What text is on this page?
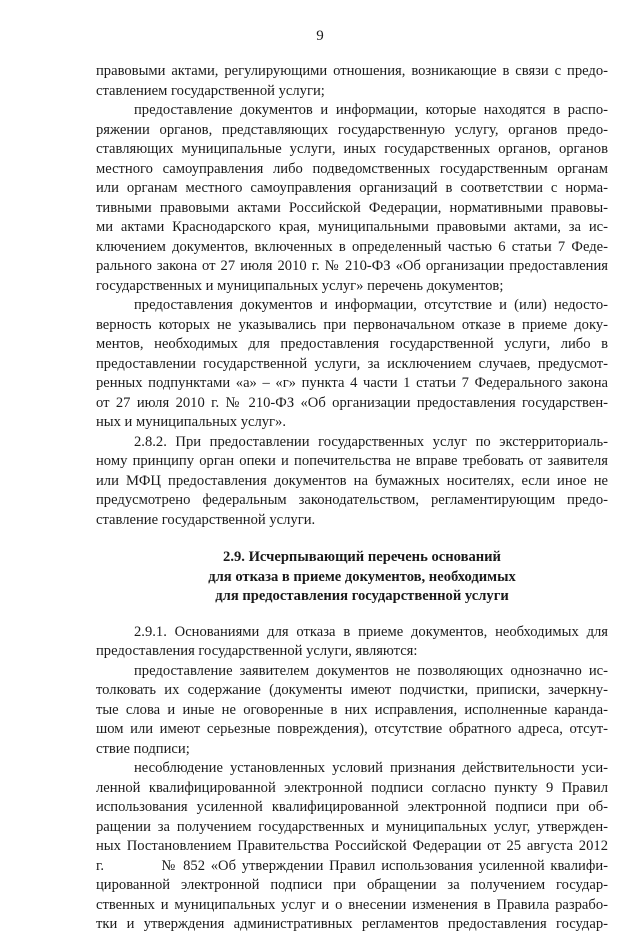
9
правовыми актами, регулирующими отношения, возникающие в связи с предо-
ставлением государственной услуги;
предоставление документов и информации, которые находятся в распо-
ряжении органов, представляющих государственную услугу, органов предо-
ставляющих муниципальные услуги, иных государственных органов, органов
местного самоуправления либо подведомственных государственным органам
или органам местного самоуправления организаций в соответствии с норма-
тивными правовыми актами Российской Федерации, нормативными правовы-
ми актами Краснодарского края, муниципальными правовыми актами, за ис-
ключением документов, включенных в определенный частью 6 статьи 7 Феде-
рального закона от 27 июля 2010 г. № 210-ФЗ «Об организации предоставления
государственных и муниципальных услуг» перечень документов;
предоставления документов и информации, отсутствие и (или) недосто-
верность которых не указывались при первоначальном отказе в приеме доку-
ментов, необходимых для предоставления государственной услуги, либо в
предоставлении государственной услуги, за исключением случаев, предусмот-
ренных подпунктами «а» – «г» пункта 4 части 1 статьи 7 Федерального закона
от 27 июля 2010 г. № 210-ФЗ «Об организации предоставления государствен-
ных и муниципальных услуг».
2.8.2. При предоставлении государственных услуг по экстерриториаль-
ному принципу орган опеки и попечительства не вправе требовать от заявителя
или МФЦ предоставления документов на бумажных носителях, если иное не
предусмотрено федеральным законодательством, регламентирующим предо-
ставление государственной услуги.
2.9. Исчерпывающий перечень оснований
для отказа в приеме документов, необходимых
для предоставления государственной услуги
2.9.1. Основаниями для отказа в приеме документов, необходимых для
предоставления государственной услуги, являются:
предоставление заявителем документов не позволяющих однозначно ис-
толковать их содержание (документы имеют подчистки, приписки, зачеркну-
тые слова и иные не оговоренные в них исправления, исполненные каранда-
шом или имеют серьезные повреждения), отсутствие обратного адреса, отсут-
ствие подписи;
несоблюдение установленных условий признания действительности уси-
ленной квалифицированной электронной подписи согласно пункту 9 Правил
использования усиленной квалифицированной электронной подписи при об-
ращении за получением государственных и муниципальных услуг, утвержден-
ных Постановлением Правительства Российской Федерации от 25 августа 2012
г.          № 852 «Об утверждении Правил использования усиленной квалифи-
цированной электронной подписи при обращении за получением государ-
ственных и муниципальных услуг и о внесении изменения в Правила разрабо-
тки и утверждения административных регламентов предоставления государ-
